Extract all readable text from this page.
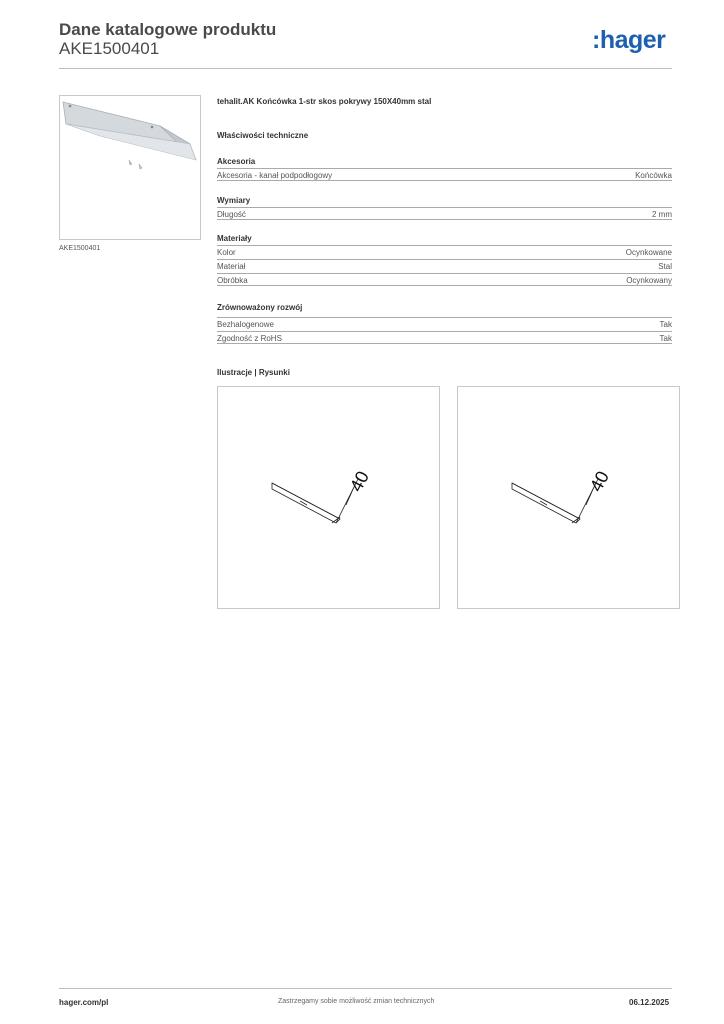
Dane katalogowe produktu
AKE1500401	:hager
AKE1500401
tehalit.AK Końcówka 1-str skos pokrywy 150X40mm stal
Właściwości techniczne
Akcesoria
Akcesoria - kanał podpodłogowy	Końcówka
Wymiary
Długość	2 mm
Materiały
Kolor	Ocynkowane
Materiał	Stal
Obróbka	Ocynkowany
Zrównoważony rozwój
Bezhalogenowe	Tak
Zgodność z RoHS	Tak
Ilustracje | Rysunki
40	40
hager.com/pl	Zastrzegamy sobie możliwość zmian technicznych	06.12.2025
